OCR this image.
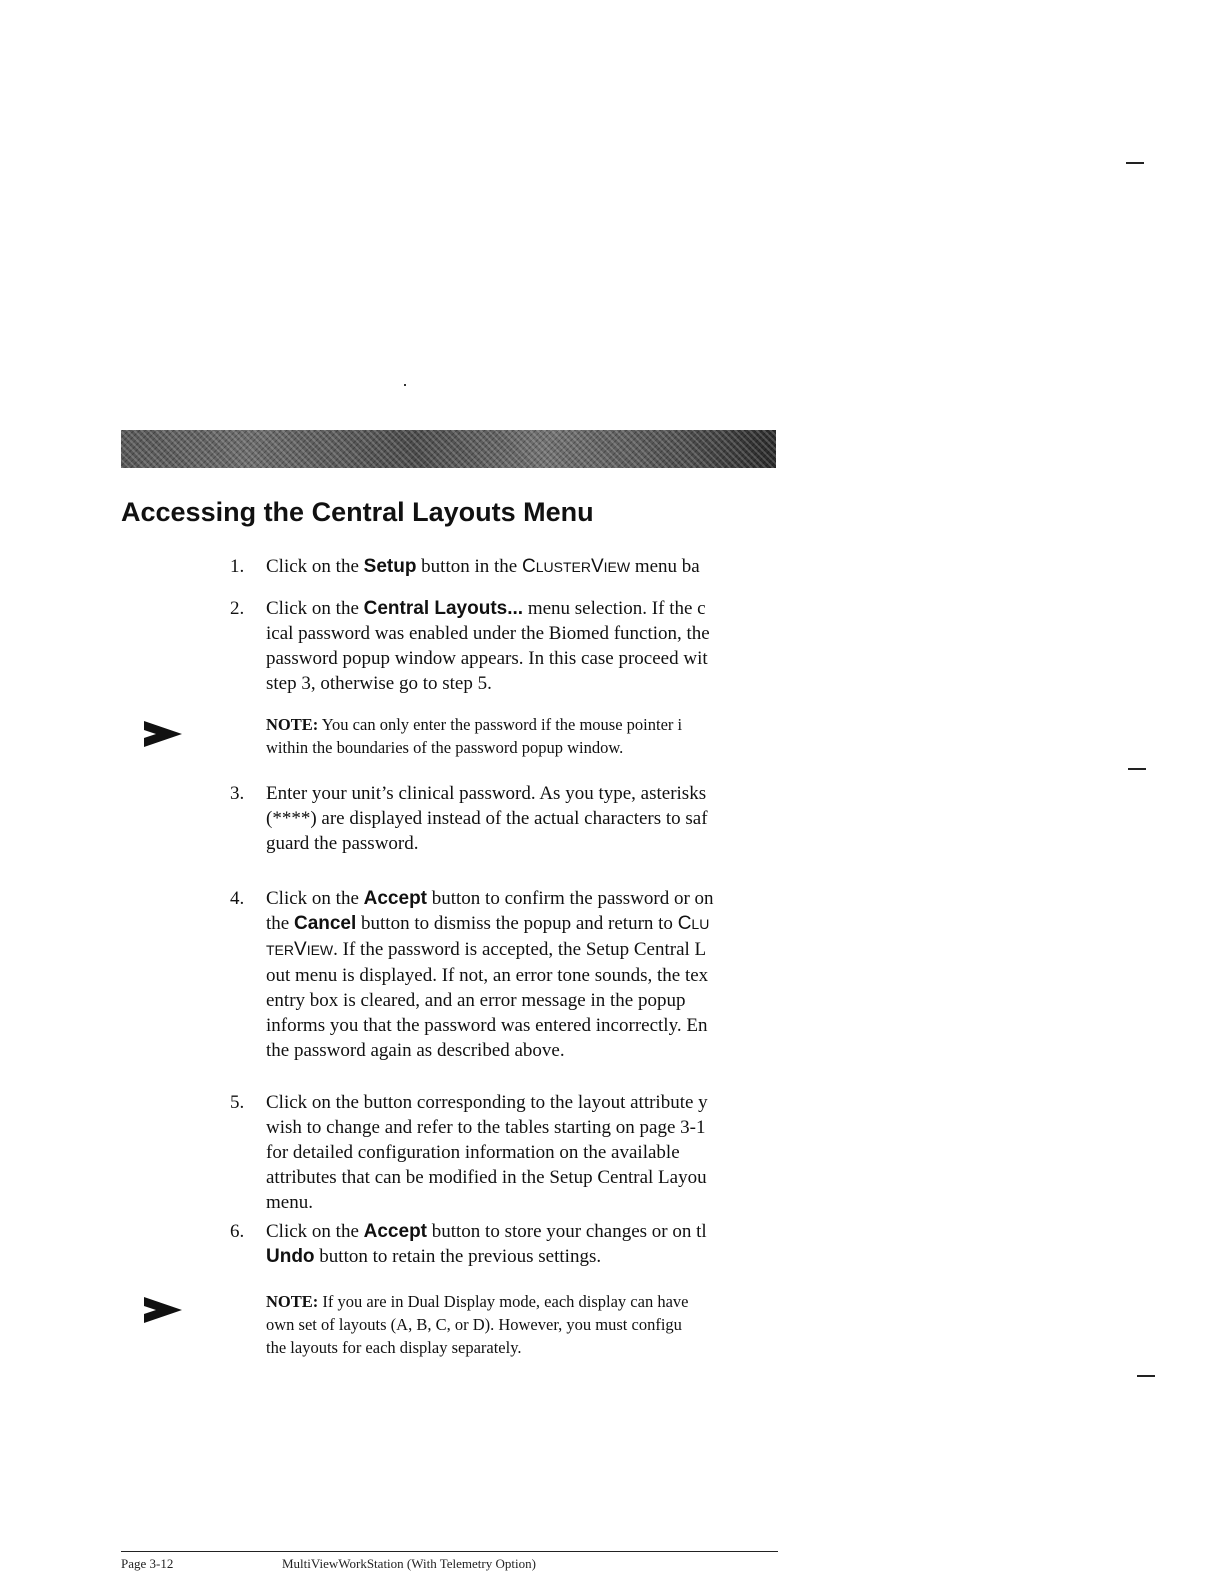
Accessing the Central Layouts Menu
1.	Click on the Setup button in the CLUSTERVIEW menu ba
2.	Click on the Central Layouts... menu selection. If the c
ical password was enabled under the Biomed function, the
password popup window appears. In this case proceed wit
step 3, otherwise go to step 5.
NOTE: You can only enter the password if the mouse pointer i
within the boundaries of the password popup window.
3.	Enter your unit’s clinical password. As you type, asterisks
(****) are displayed instead of the actual characters to saf
guard the password.
4.	Click on the Accept button to confirm the password or on
the Cancel button to dismiss the popup and return to CLU
TERVIEW. If the password is accepted, the Setup Central L
out menu is displayed. If not, an error tone sounds, the tex
entry box is cleared, and an error message in the popup
informs you that the password was entered incorrectly. En
the password again as described above.
5.	Click on the button corresponding to the layout attribute y
wish to change and refer to the tables starting on page 3-1
for detailed configuration information on the available
attributes that can be modified in the Setup Central Layou
menu.
6.	Click on the Accept button to store your changes or on tl
Undo button to retain the previous settings.
NOTE: If you are in Dual Display mode, each display can have
own set of layouts (A, B, C, or D). However, you must configu
the layouts for each display separately.
Page 3-12	MultiViewWorkStation (With Telemetry Option)
